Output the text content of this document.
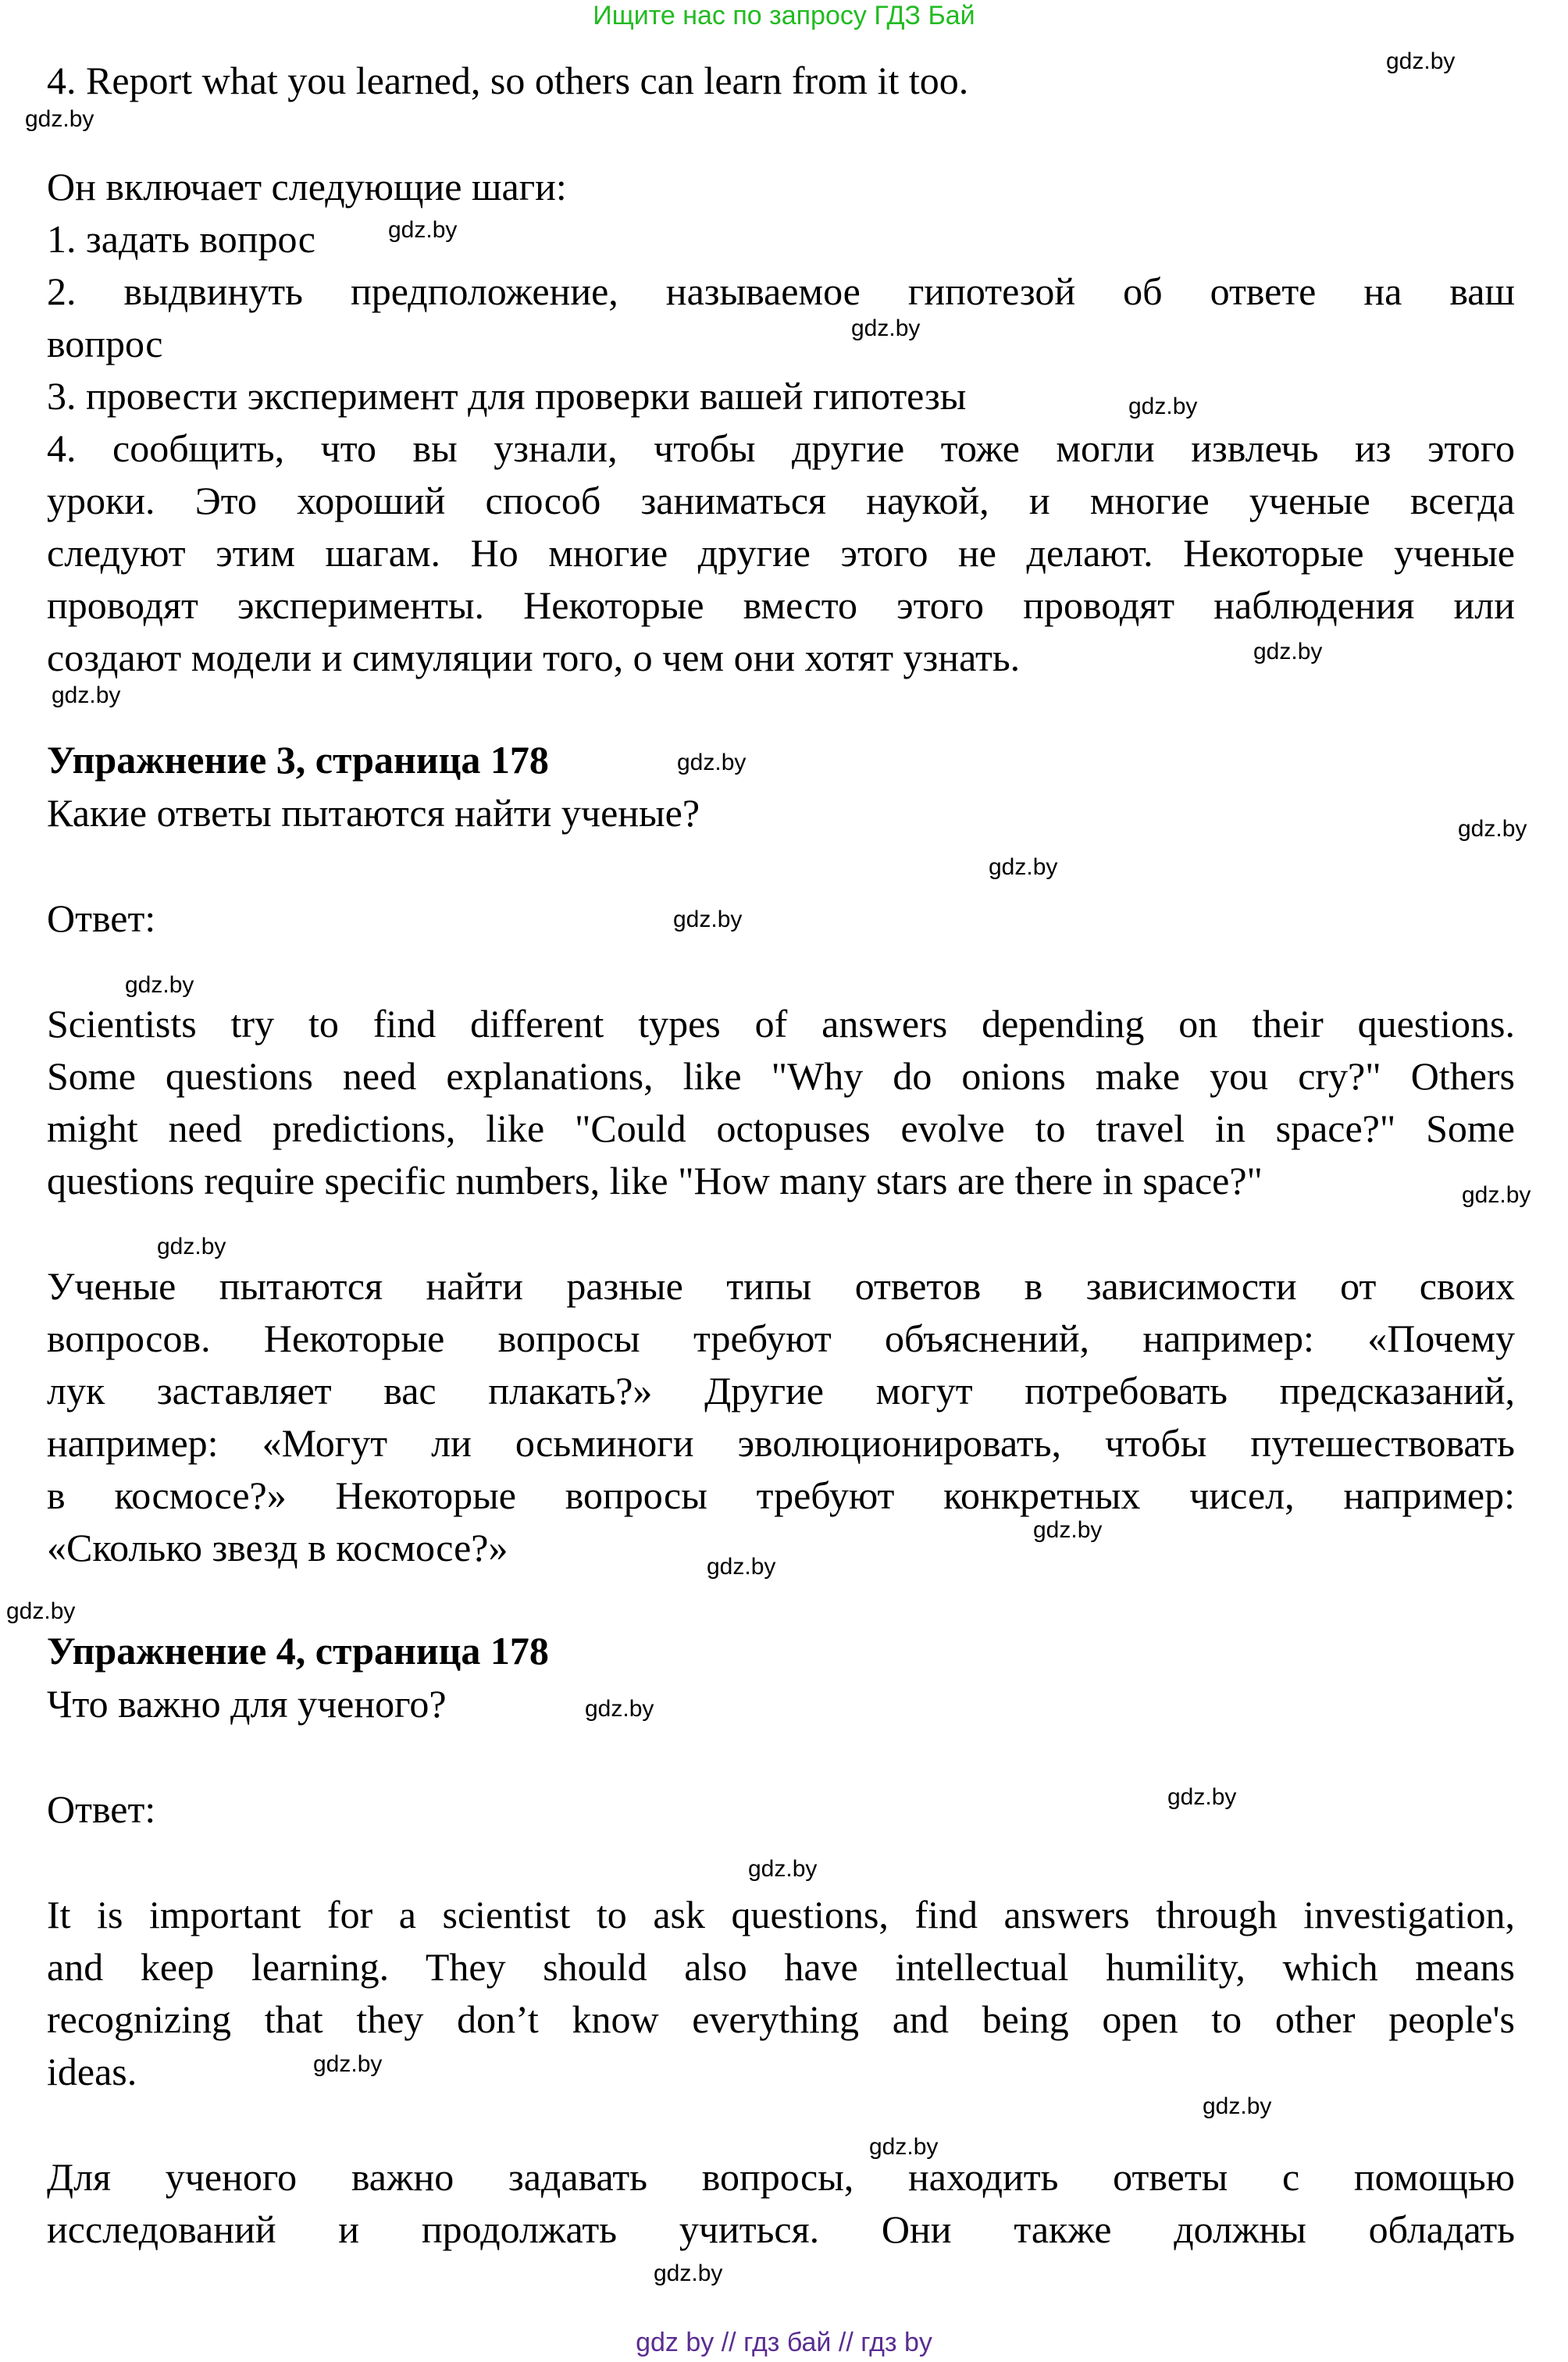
Ищите нас по запросу ГДЗ Бай
4. Report what you learned, so others can learn from it too.
Он включает следующие шаги:
1. задать вопрос
2. выдвинуть предположение, называемое гипотезой об ответе на ваш
вопрос
3. провести эксперимент для проверки вашей гипотезы
4. сообщить, что вы узнали, чтобы другие тоже могли извлечь из этого
уроки. Это хороший способ заниматься наукой, и многие ученые всегда
следуют этим шагам. Но многие другие этого не делают. Некоторые ученые
проводят эксперименты. Некоторые вместо этого проводят наблюдения или
создают модели и симуляции того, о чем они хотят узнать.
Упражнение 3, страница 178
Какие ответы пытаются найти ученые?
Ответ:
Scientists try to find different types of answers depending on their questions.
Some questions need explanations, like "Why do onions make you cry?" Others
might need predictions, like "Could octopuses evolve to travel in space?" Some
questions require specific numbers, like "How many stars are there in space?"
Ученые пытаются найти разные типы ответов в зависимости от своих
вопросов. Некоторые вопросы требуют объяснений, например: «Почему
лук заставляет вас плакать?» Другие могут потребовать предсказаний,
например: «Могут ли осьминоги эволюционировать, чтобы путешествовать
в космосе?» Некоторые вопросы требуют конкретных чисел, например:
«Сколько звезд в космосе?»
Упражнение 4, страница 178
Что важно для ученого?
Ответ:
It is important for a scientist to ask questions, find answers through investigation,
and keep learning. They should also have intellectual humility, which means
recognizing that they don’t know everything and being open to other people's
ideas.
Для ученого важно задавать вопросы, находить ответы с помощью
исследований и продолжать учиться. Они также должны обладать
gdz.by
gdz.by
gdz.by
gdz.by
gdz.by
gdz.by
gdz.by
gdz.by
gdz.by
gdz.by
gdz.by
gdz.by
gdz.by
gdz.by
gdz.by
gdz.by
gdz.by
gdz.by
gdz.by
gdz.by
gdz.by
gdz.by
gdz.by
gdz.by
gdz by // гдз бай // гдз by
